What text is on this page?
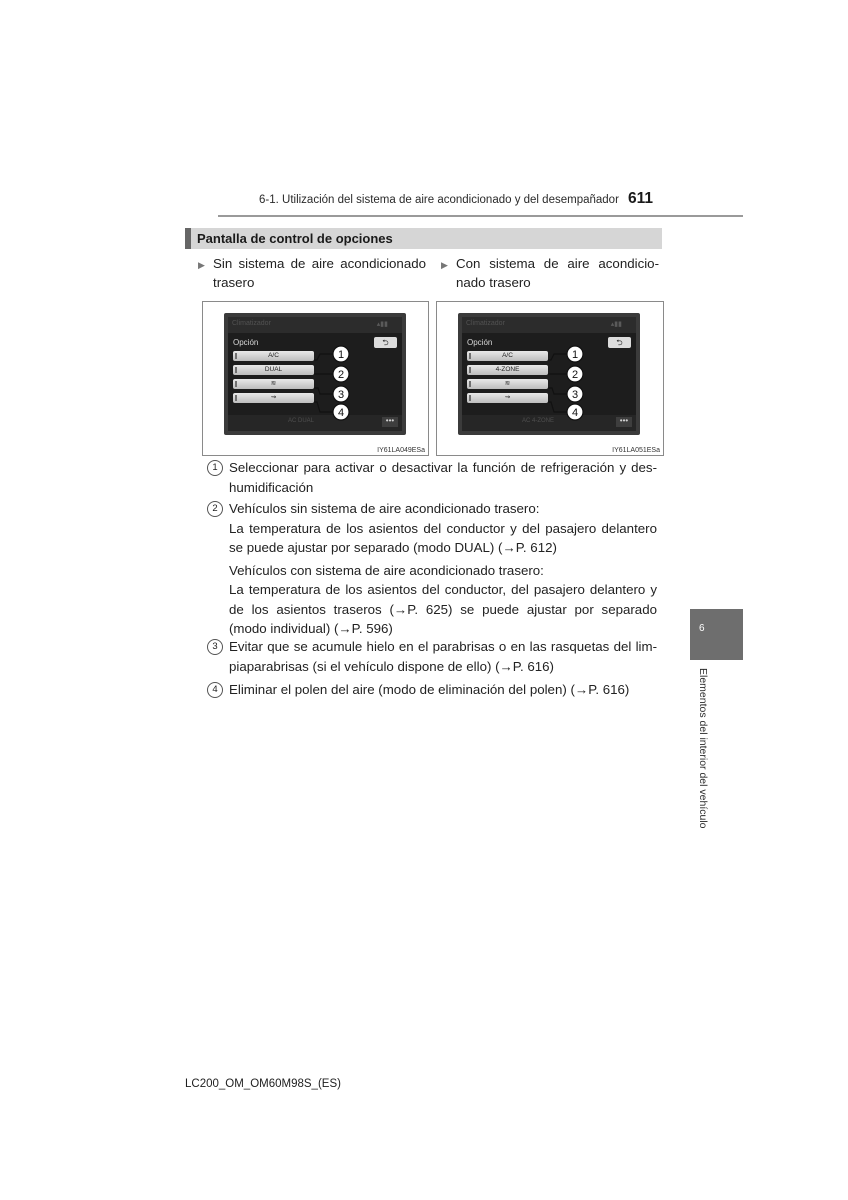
6-1. Utilización del sistema de aire acondicionado y del desempañador 611
Pantalla de control de opciones
▶ Sin sistema de aire acondicionado trasero
▶ Con sistema de aire acondicio-nado trasero
Climatizador	▴▮▮
Opción	⮌
A/C
DUAL
≋
⇝
AC DUAL	•••
1
2
3
4
IY61LA049ESa
Climatizador	▴▮▮
Opción	⮌
A/C
4-ZONE
≋
⇝
AC 4-ZONE	•••
1
2
3
4
IY61LA051ESa
1 Seleccionar para activar o desactivar la función de refrigeración y des-humidificación

2 Vehículos sin sistema de aire acondicionado trasero:
La temperatura de los asientos del conductor y del pasajero delantero se puede ajustar por separado (modo DUAL) (→P. 612)

Vehículos con sistema de aire acondicionado trasero:
La temperatura de los asientos del conductor, del pasajero delantero y de los asientos traseros (→P. 625) se puede ajustar por separado (modo individual) (→P. 596)

3 Evitar que se acumule hielo en el parabrisas o en las rasquetas del lim-piaparabrisas (si el vehículo dispone de ello) (→P. 616)

4 Eliminar el polen del aire (modo de eliminación del polen) (→P. 616)

6
Elementos del interior del vehículo
LC200_OM_OM60M98S_(ES)
